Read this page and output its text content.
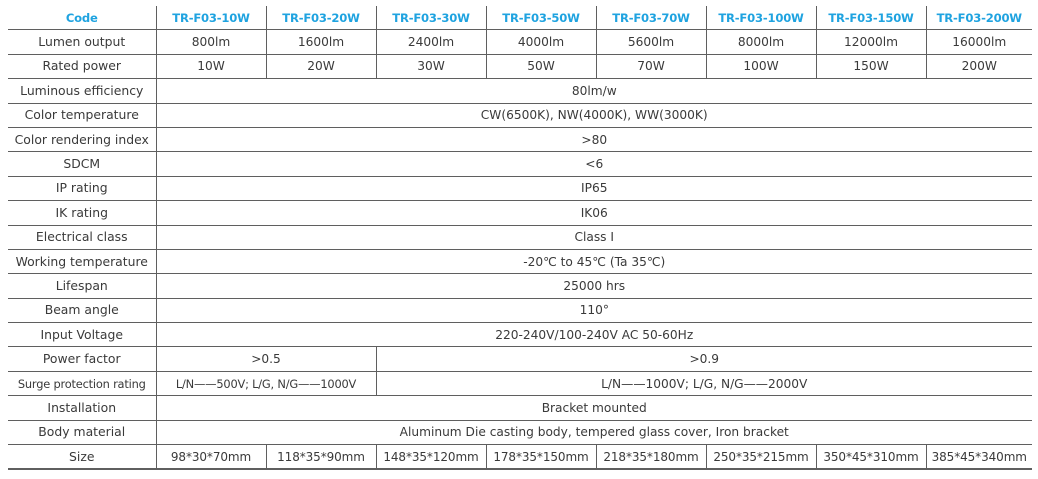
Code	TR-F03-10W	TR-F03-20W	TR-F03-30W	TR-F03-50W	TR-F03-70W	TR-F03-100W	TR-F03-150W	TR-F03-200W
Lumen output	800lm	1600lm	2400lm	4000lm	5600lm	8000lm	12000lm	16000lm
Rated power	10W	20W	30W	50W	70W	100W	150W	200W
Luminous efficiency	80lm/w							
Color temperature	CW(6500K), NW(4000K), WW(3000K)							
Color rendering index	>80							
SDCM	<6							
IP rating	IP65							
IK rating	IK06							
Electrical class	Class I							
Working temperature	-20℃ to 45℃ (Ta 35℃)							
Lifespan	25000 hrs							
Beam angle	110°							
Input Voltage	220-240V/100-240V AC 50-60Hz							
Power factor	>0.5		>0.9					
Surge protection rating	L/N——500V; L/G, N/G——1000V		L/N——1000V; L/G, N/G——2000V					
Installation	Bracket mounted							
Body material	Aluminum Die casting body, tempered glass cover, Iron bracket							
Size	98*30*70mm	118*35*90mm	148*35*120mm	178*35*150mm	218*35*180mm	250*35*215mm	350*45*310mm	385*45*340mm
